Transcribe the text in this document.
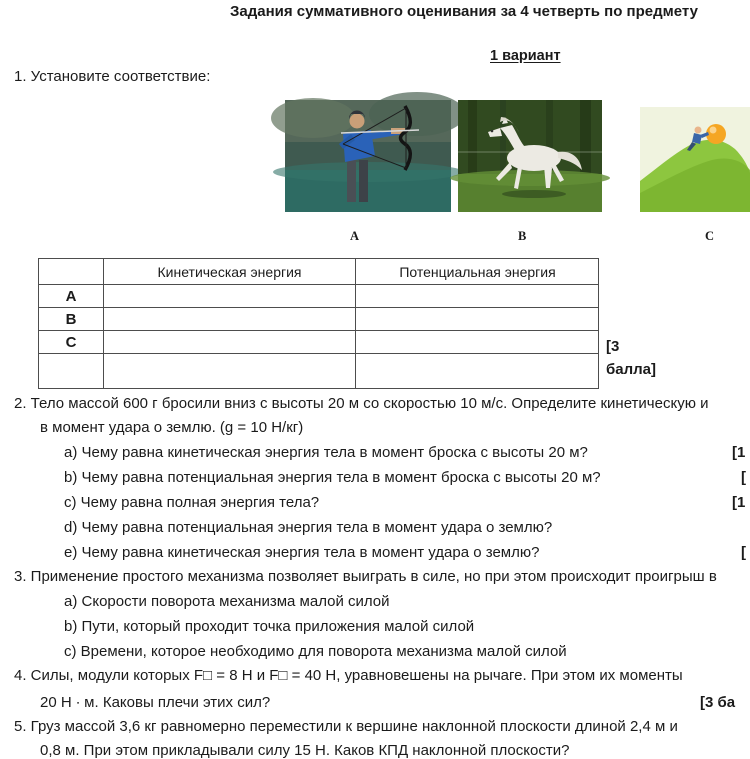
Задания суммативного оценивания за 4 четверть по предмету
1 вариант
1. Установите соответствие:
A	B	C
Кинетическая энергия	Потенциальная энергия
A
B
C	[3 балла]
2. Тело массой 600 г бросили вниз с высоты 20 м со скоростью 10 м/с. Определите кинетическую и
в момент удара о землю. (g = 10 Н/кг)
a) Чему равна кинетическая энергия тела в момент броска с высоты 20 м?
b) Чему равна потенциальная энергия тела в момент броска с высоты 20 м?
c) Чему равна полная энергия тела?
d) Чему равна потенциальная энергия тела в момент удара о землю?
e) Чему равна кинетическая энергия тела в момент удара о землю?
[1
[
[1
[
3. Применение простого механизма позволяет выиграть в силе, но при этом происходит проигрыш в
a) Скорости поворота механизма малой силой
b) Пути, который проходит точка приложения малой силой
c) Времени, которое необходимо для поворота механизма малой силой
4. Силы, модули которых F□ = 8 Н и F□ = 40 Н, уравновешены на рычаге. При этом их моменты
20 Н ∙ м. Каковы плечи этих сил?	[3 ба
5. Груз массой 3,6 кг равномерно переместили к вершине наклонной плоскости длиной 2,4 м и
0,8 м. При этом прикладывали силу 15 Н. Каков КПД наклонной плоскости?
